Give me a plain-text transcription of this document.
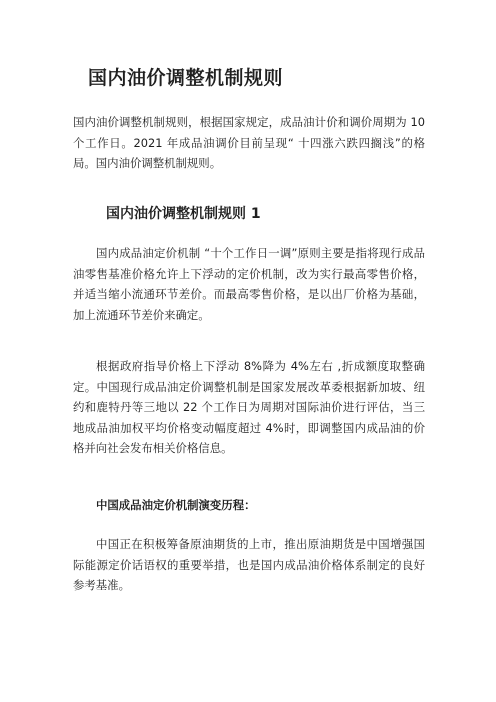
国内油价调整机制规则

国内油价调整机制规则，根据国家规定，成品油计价和调价周期为 10 个工作日。2021 年成品油调价目前呈现“ 十四涨六跌四搁浅”的格局。国内油价调整机制规则。

国内油价调整机制规则 1

国内成品油定价机制 “十个工作日一调”原则主要是指将现行成品油零售基准价格允许上下浮动的定价机制，改为实行最高零售价格，并适当缩小流通环节差价。而最高零售价格，是以出厂价格为基础，加上流通环节差价来确定。

根据政府指导价格上下浮动 8%降为 4%左右 ,折成额度取整确定。中国现行成品油定价调整机制是国家发展改革委根据新加坡、纽约和鹿特丹等三地以 22 个工作日为周期对国际油价进行评估，当三地成品油加权平均价格变动幅度超过 4%时，即调整国内成品油的价格并向社会发布相关价格信息。

中国成品油定价机制演变历程：

中国正在积极筹备原油期货的上市，推出原油期货是中国增强国际能源定价话语权的重要举措，也是国内成品油价格体系制定的良好参考基准。
